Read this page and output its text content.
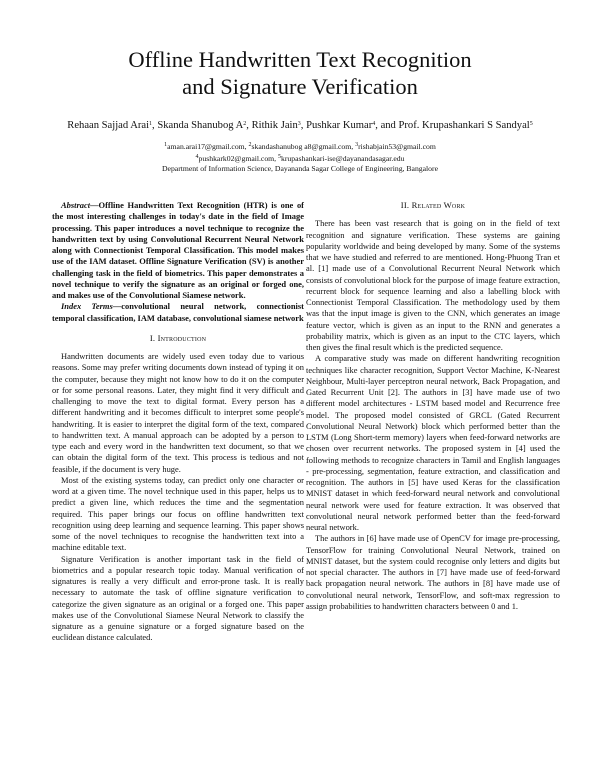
Offline Handwritten Text Recognition
and Signature Verification
Rehaan Sajjad Arai$^1$, Skanda Shanubog $A^2$, Rithik Jain$^3$, Pushkar Kumar$^4$, and Prof. Krupashankari S Sandyal$^5$
$^1$aman.arai17@gmail.com, $^2$skandashanubog a8@gmail.com, $^3$rishabjain53@gmail.com
$^4$pushkark02@gmail.com, $^5$krupashankari-ise@dayanandasagar.edu
Department of Information Science, Dayananda Sagar College of Engineering, Bangalore

Abstract—Offline Handwritten Text Recognition (HTR) is one of the most interesting challenges in today's date in the field of Image processing. This paper introduces a novel technique to recognize the handwritten text by using Convolutional Recurrent Neural Network along with Connectionist Temporal Classification. This model makes use of the IAM dataset. Offline Signature Verification (SV) is another challenging task in the field of biometrics. This paper demonstrates a novel technique to verify the signature as an original or forged one, and makes use of the Convolutional Siamese network.

Index Terms—convolutional neural network, connectionist temporal classification, IAM database, convolutional siamese network

I. Introduction

Handwritten documents are widely used even today due to various reasons. Some may prefer writing documents down instead of typing it on the computer, because they might not know how to do it on the computer or for some personal reasons. Later, they might find it very difficult and challenging to move the text to digital format. Every person has a different handwriting and it becomes difficult to interpret some people's handwriting. It is easier to interpret the digital form of the text, compared to handwritten text. A manual approach can be adopted by a person to type each and every word in the handwritten text document, so that we can obtain the digital form of the text. This process is tedious and not feasible, if the document is very huge.

Most of the existing systems today, can predict only one character or word at a given time. The novel technique used in this paper, helps us to predict a given line, which reduces the time and the segmentation required. This paper brings our focus on offline handwritten text recognition using deep learning and sequence learning. This paper shows some of the novel techniques to recognise the handwritten text into a machine editable text.

Signature Verification is another important task in the field of biometrics and a popular research topic today. Manual verification of signatures is really a very difficult and error-prone task. It is really necessary to automate the task of offline signature verification to categorize the given signature as an original or a forged one. This paper makes use of the Convolutional Siamese Neural Network to classify the signature as a genuine signature or a forged signature based on the euclidean distance calculated.

II. Related Work

There has been vast research that is going on in the field of text recognition and signature verification. These systems are gaining popularity worldwide and being developed by many. Some of the systems that we have studied and referred to are mentioned. Hong-Phuong Tran et al. [1] made use of a Convolutional Recurrent Neural Network which consists of convolutional block for the purpose of image feature extraction, recurrent block for sequence learning and also a labelling block with Connectionist Temporal Classification. The methodology used by them was that the input image is given to the CNN, which generates an image feature vector, which is given as an input to the RNN and generates a probability matrix, which is given as an input to the CTC layers, which then gives the final result which is the predicted sequence.

A comparative study was made on different handwriting recognition techniques like character recognition, Support Vector Machine, K-Nearest Neighbour, Multi-layer perceptron neural network, Back Propagation, and Gated Recurrent Unit [2]. The authors in [3] have made use of two different model architectures - LSTM based model and Recurrence free model. The proposed model consisted of GRCL (Gated Recurrent Convolutional Neural Network) block which performed better than the LSTM (Long Short-term memory) layers when feed-forward networks are chosen over recurrent networks. The proposed system in [4] used the following methods to recognize characters in Tamil and English languages - pre-processing, segmentation, feature extraction, and classification and recognition. The authors in [5] have used Keras for the classification MNIST dataset in which feed-forward neural network and convolutional neural network were used for feature extraction. It was observed that convolutional neural network performed better than the feed-forward neural network.

The authors in [6] have made use of OpenCV for image pre-processing, TensorFlow for training Convolutional Neural Network, trained on MNIST dataset, but the system could recognise only letters and digits but not special character. The authors in [7] have made use of feed-forward back propagation neural network. The authors in [8] have made use of convolutional neural network, TensorFlow, and soft-max regression to assign probabilities to handwritten characters between 0 and 1.
